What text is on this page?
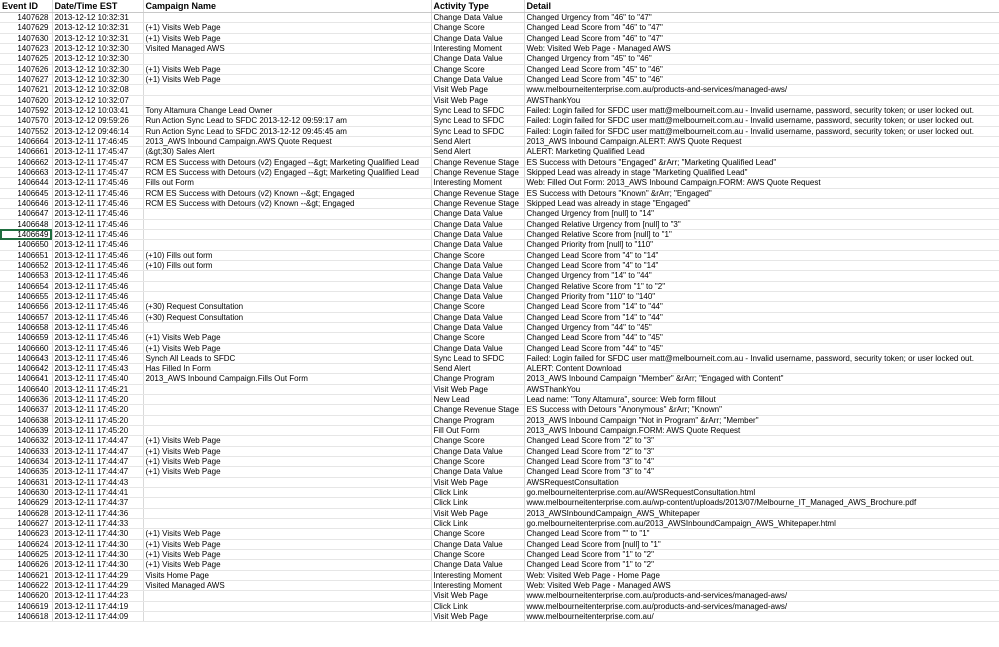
Event ID	Date/Time EST	Campaign Name	Activity Type	Detail
1407628	2013-12-12 10:32:31		Change Data Value	Changed Urgency from "46" to "47"
1407629	2013-12-12 10:32:31	(+1) Visits Web Page	Change Score	Changed Lead Score from "46" to "47"
1407630	2013-12-12 10:32:31	(+1) Visits Web Page	Change Data Value	Changed Lead Score from "46" to "47"
1407623	2013-12-12 10:32:30	Visited Managed AWS	Interesting Moment	Web: Visited Web Page - Managed AWS
1407625	2013-12-12 10:32:30		Change Data Value	Changed Urgency from "45" to "46"
1407626	2013-12-12 10:32:30	(+1) Visits Web Page	Change Score	Changed Lead Score from "45" to "46"
1407627	2013-12-12 10:32:30	(+1) Visits Web Page	Change Data Value	Changed Lead Score from "45" to "46"
1407621	2013-12-12 10:32:08		Visit Web Page	www.melbourneitenterprise.com.au/products-and-services/managed-aws/
1407620	2013-12-12 10:32:07		Visit Web Page	AWSThankYou
1407592	2013-12-12 10:03:41	Tony Altamura Change Lead Owner	Sync Lead to SFDC	Failed: Login failed for SFDC user matt@melbourneit.com.au - Invalid username, password, security token; or user locked out.
1407570	2013-12-12 09:59:26	Run Action Sync Lead to SFDC 2013-12-12 09:59:17 am	Sync Lead to SFDC	Failed: Login failed for SFDC user matt@melbourneit.com.au - Invalid username, password, security token; or user locked out.
1407552	2013-12-12 09:46:14	Run Action Sync Lead to SFDC 2013-12-12 09:45:45 am	Sync Lead to SFDC	Failed: Login failed for SFDC user matt@melbourneit.com.au - Invalid username, password, security token; or user locked out.
1406664	2013-12-11 17:46:45	2013_AWS Inbound Campaign.AWS Quote Request	Send Alert	2013_AWS Inbound Campaign.ALERT: AWS Quote Request
1406661	2013-12-11 17:45:47	(&gt;30) Sales Alert	Send Alert	ALERT: Marketing Qualified Lead
1406662	2013-12-11 17:45:47	RCM ES Success with Detours (v2) Engaged --&gt; Marketing Qualified Lead	Change Revenue Stage	ES Success with Detours "Engaged" &rArr; "Marketing Qualified Lead"
1406663	2013-12-11 17:45:47	RCM ES Success with Detours (v2) Engaged --&gt; Marketing Qualified Lead	Change Revenue Stage	Skipped Lead was already in stage "Marketing Qualified Lead"
1406644	2013-12-11 17:45:46	Fills out Form	Interesting Moment	Web: Filled Out Form: 2013_AWS Inbound Campaign.FORM: AWS Quote Request
1406645	2013-12-11 17:45:46	RCM ES Success with Detours (v2) Known --&gt; Engaged	Change Revenue Stage	ES Success with Detours "Known" &rArr; "Engaged"
1406646	2013-12-11 17:45:46	RCM ES Success with Detours (v2) Known --&gt; Engaged	Change Revenue Stage	Skipped Lead was already in stage "Engaged"
1406647	2013-12-11 17:45:46		Change Data Value	Changed Urgency from [null] to "14"
1406648	2013-12-11 17:45:46		Change Data Value	Changed Relative Urgency from [null] to "3"
1406649	2013-12-11 17:45:46		Change Data Value	Changed Relative Score from [null] to "1"
1406650	2013-12-11 17:45:46		Change Data Value	Changed Priority from [null] to "110"
1406651	2013-12-11 17:45:46	(+10) Fills out form	Change Score	Changed Lead Score from "4" to "14"
1406652	2013-12-11 17:45:46	(+10) Fills out form	Change Data Value	Changed Lead Score from "4" to "14"
1406653	2013-12-11 17:45:46		Change Data Value	Changed Urgency from "14" to "44"
1406654	2013-12-11 17:45:46		Change Data Value	Changed Relative Score from "1" to "2"
1406655	2013-12-11 17:45:46		Change Data Value	Changed Priority from "110" to "140"
1406656	2013-12-11 17:45:46	(+30) Request Consultation	Change Score	Changed Lead Score from "14" to "44"
1406657	2013-12-11 17:45:46	(+30) Request Consultation	Change Data Value	Changed Lead Score from "14" to "44"
1406658	2013-12-11 17:45:46		Change Data Value	Changed Urgency from "44" to "45"
1406659	2013-12-11 17:45:46	(+1) Visits Web Page	Change Score	Changed Lead Score from "44" to "45"
1406660	2013-12-11 17:45:46	(+1) Visits Web Page	Change Data Value	Changed Lead Score from "44" to "45"
1406643	2013-12-11 17:45:46	Synch All Leads to SFDC	Sync Lead to SFDC	Failed: Login failed for SFDC user matt@melbourneit.com.au - Invalid username, password, security token; or user locked out.
1406642	2013-12-11 17:45:43	Has Filled In Form	Send Alert	ALERT: Content Download
1406641	2013-12-11 17:45:40	2013_AWS Inbound Campaign.Fills Out Form	Change Program	2013_AWS Inbound Campaign "Member" &rArr; "Engaged with Content"
1406640	2013-12-11 17:45:21		Visit Web Page	AWSThankYou
1406636	2013-12-11 17:45:20		New Lead	Lead name: "Tony Altamura", source: Web form fillout
1406637	2013-12-11 17:45:20		Change Revenue Stage	ES Success with Detours "Anonymous" &rArr; "Known"
1406638	2013-12-11 17:45:20		Change Program	2013_AWS Inbound Campaign "Not in Program" &rArr; "Member"
1406639	2013-12-11 17:45:20		Fill Out Form	2013_AWS Inbound Campaign.FORM: AWS Quote Request
1406632	2013-12-11 17:44:47	(+1) Visits Web Page	Change Score	Changed Lead Score from "2" to "3"
1406633	2013-12-11 17:44:47	(+1) Visits Web Page	Change Data Value	Changed Lead Score from "2" to "3"
1406634	2013-12-11 17:44:47	(+1) Visits Web Page	Change Score	Changed Lead Score from "3" to "4"
1406635	2013-12-11 17:44:47	(+1) Visits Web Page	Change Data Value	Changed Lead Score from "3" to "4"
1406631	2013-12-11 17:44:43		Visit Web Page	AWSRequestConsultation
1406630	2013-12-11 17:44:41		Click Link	go.melbourneitenterprise.com.au/AWSRequestConsultation.html
1406629	2013-12-11 17:44:37		Click Link	www.melbourneitenterprise.com.au/wp-content/uploads/2013/07/Melbourne_IT_Managed_AWS_Brochure.pdf
1406628	2013-12-11 17:44:36		Visit Web Page	2013_AWSInboundCampaign_AWS_Whitepaper
1406627	2013-12-11 17:44:33		Click Link	go.melbourneitenterprise.com.au/2013_AWSInboundCampaign_AWS_Whitepaper.html
1406623	2013-12-11 17:44:30	(+1) Visits Web Page	Change Score	Changed Lead Score from "" to "1"
1406624	2013-12-11 17:44:30	(+1) Visits Web Page	Change Data Value	Changed Lead Score from [null] to "1"
1406625	2013-12-11 17:44:30	(+1) Visits Web Page	Change Score	Changed Lead Score from "1" to "2"
1406626	2013-12-11 17:44:30	(+1) Visits Web Page	Change Data Value	Changed Lead Score from "1" to "2"
1406621	2013-12-11 17:44:29	Visits Home Page	Interesting Moment	Web: Visited Web Page - Home Page
1406622	2013-12-11 17:44:29	Visited Managed AWS	Interesting Moment	Web: Visited Web Page - Managed AWS
1406620	2013-12-11 17:44:23		Visit Web Page	www.melbourneitenterprise.com.au/products-and-services/managed-aws/
1406619	2013-12-11 17:44:19		Click Link	www.melbourneitenterprise.com.au/products-and-services/managed-aws/
1406618	2013-12-11 17:44:09		Visit Web Page	www.melbourneitenterprise.com.au/
